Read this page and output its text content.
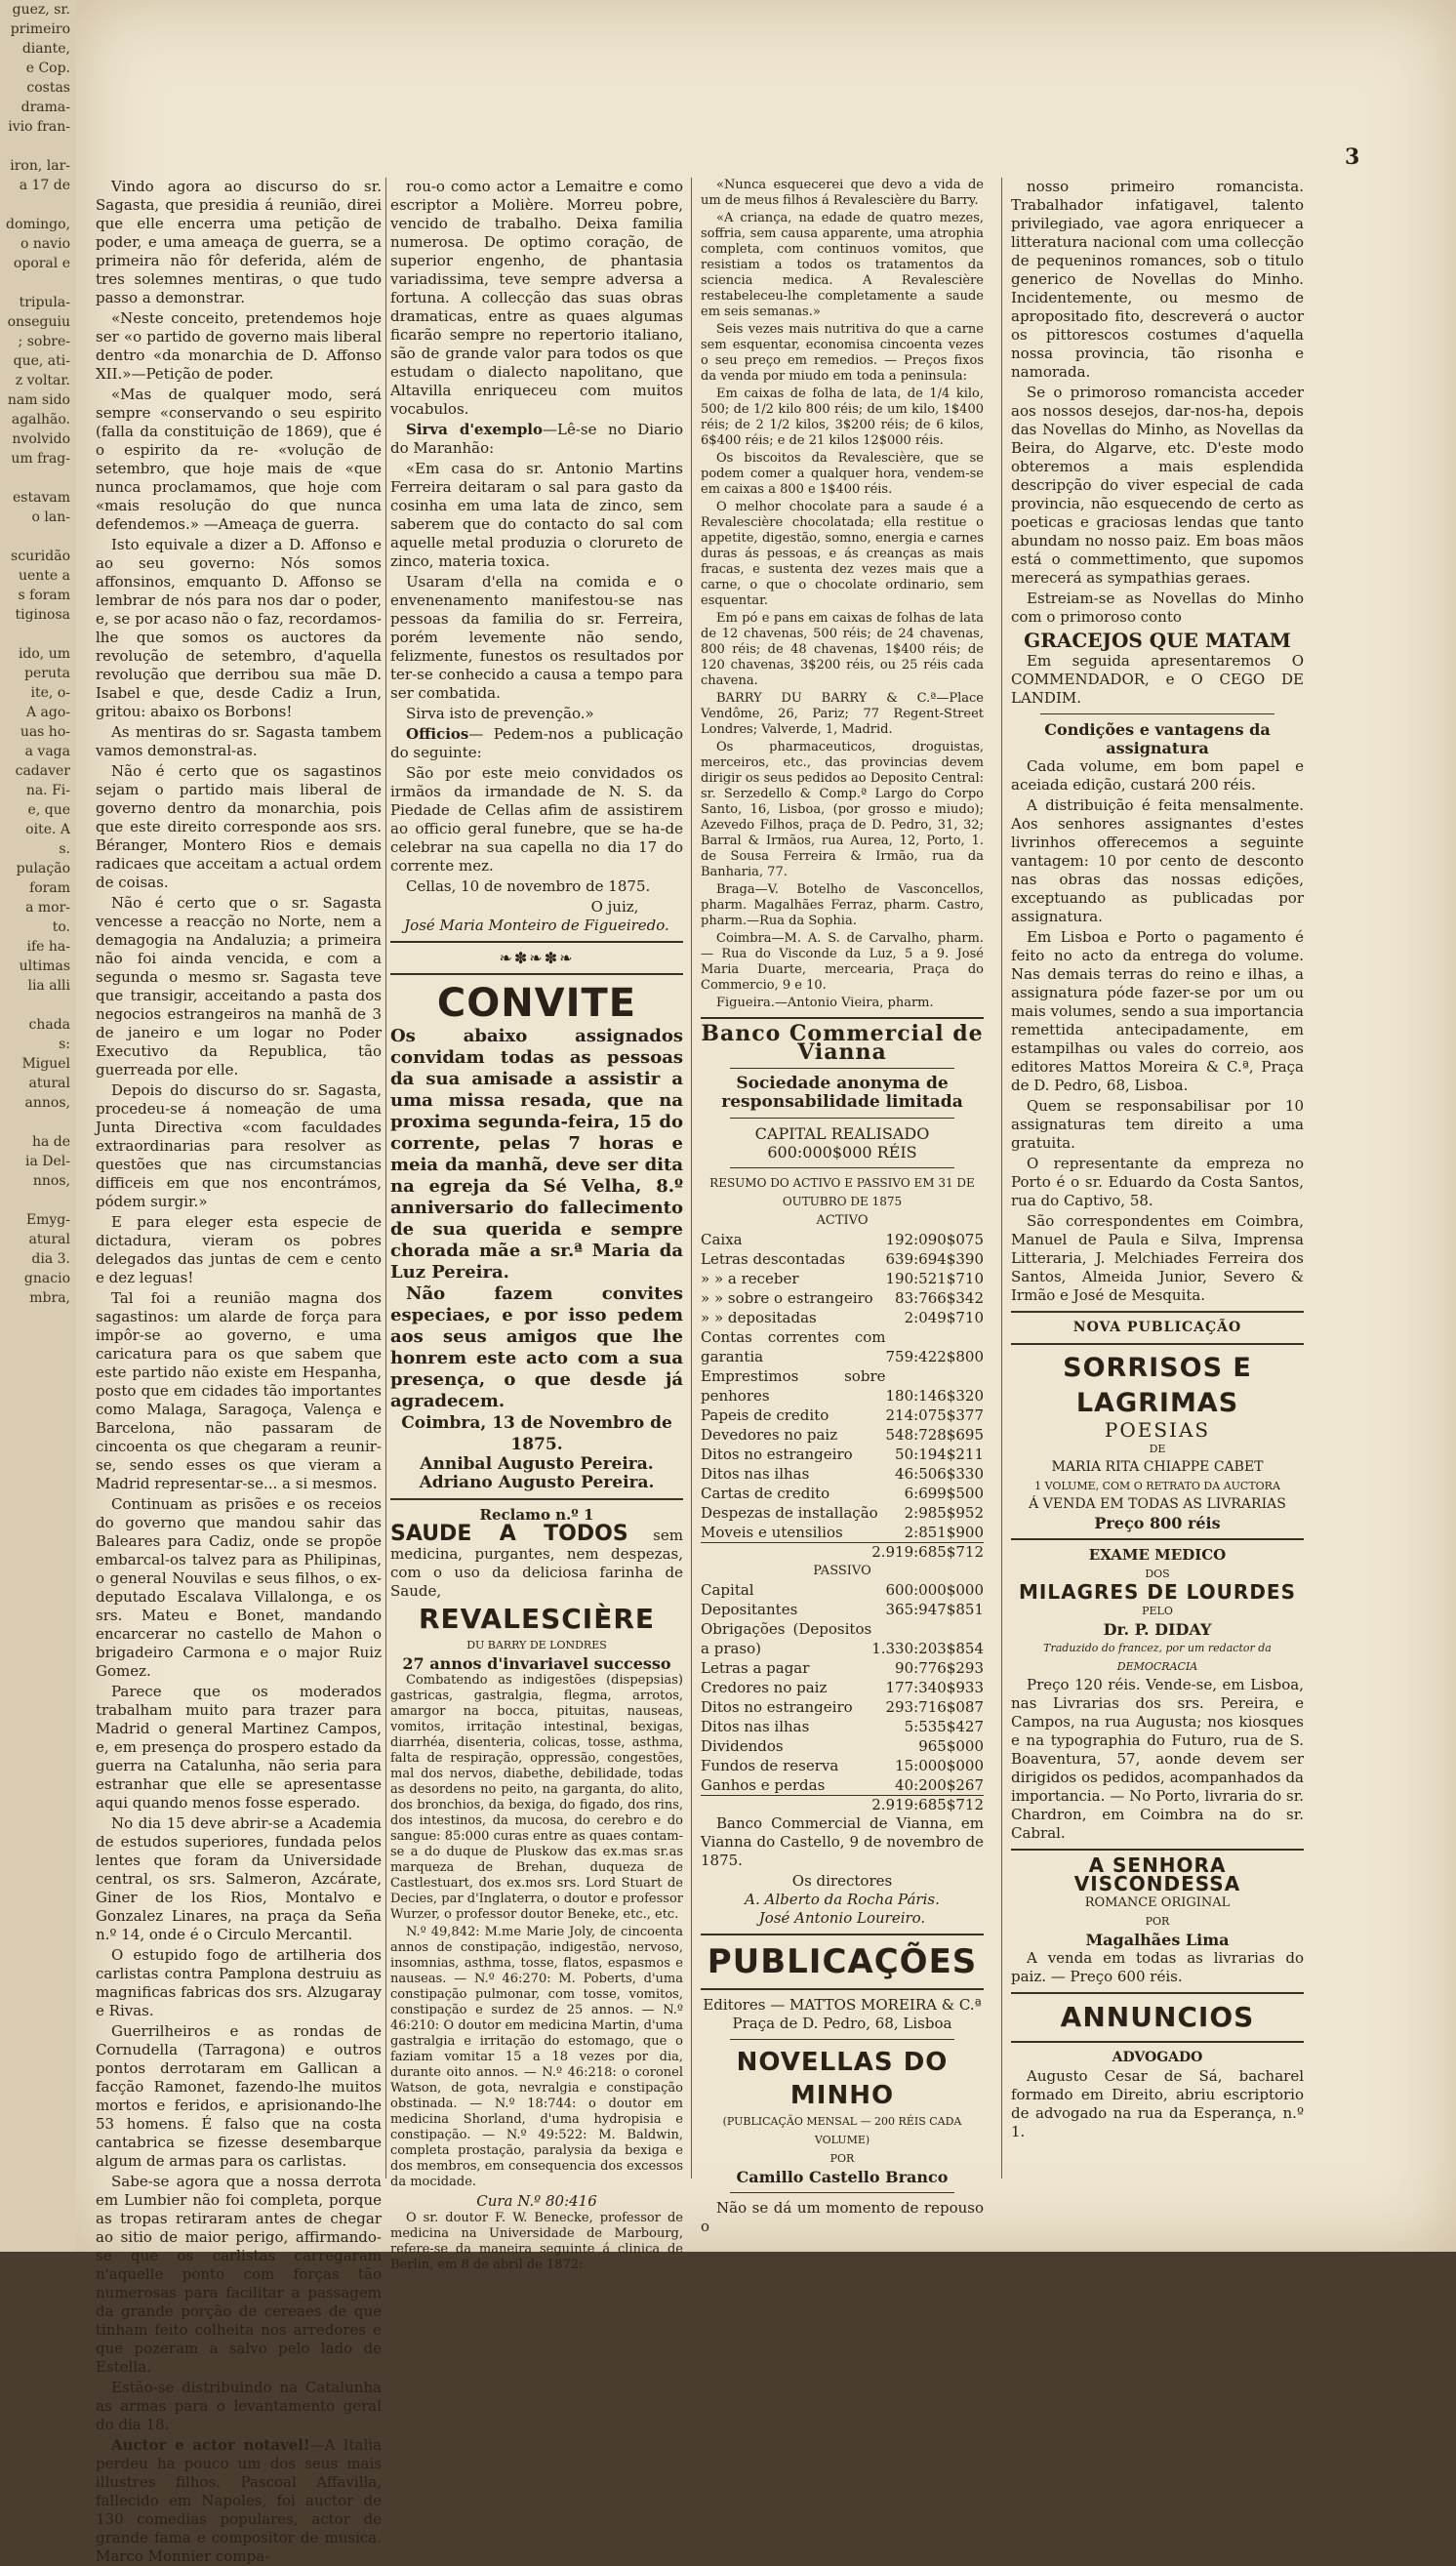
guez, sr.
primeiro
diante,
e Cop.
costas
drama-
ivio fran-

iron, lar-
a 17 de

domingo,
o navio
oporal e

tripula-
onseguiu
; sobre-
que, ati-
z voltar.
nam sido
agalhão.
nvolvido
um frag-

estavam
o lan-

scuridão
uente a
s foram
tiginosa

ido, um
peruta
ite, o-
A ago-
uas ho-
a vaga
cadaver
na. Fi-
e, que
oite. A
s.
pulação
foram
a mor-
to.
ife ha-
ultimas
lia alli

chada
s:
Miguel
atural
annos,

ha de
ia Del-
nnos,

Emyg-
atural
dia 3.
gnacio
mbra,
3

Vindo agora ao discurso do sr. Sagasta, que presidia á reunião, direi que elle encerra uma petição de poder, e uma ameaça de guerra, se a primeira não fôr deferida, além de tres solemnes mentiras, o que tudo passo a demonstrar.

«Neste conceito, pretendemos hoje ser «o partido de governo mais liberal dentro «da monarchia de D. Affonso XII.»—Petição de poder.

«Mas de qualquer modo, será sempre «conservando o seu espirito (falla da constituição de 1869), que é o espirito da re- «volução de setembro, que hoje mais de «que nunca proclamamos, que hoje com «mais resolução do que nunca defendemos.» —Ameaça de guerra.

Isto equivale a dizer a D. Affonso e ao seu governo: Nós somos affonsinos, emquanto D. Affonso se lembrar de nós para nos dar o poder, e, se por acaso não o faz, recordamos-lhe que somos os auctores da revolução de setembro, d'aquella revolução que derribou sua mãe D. Isabel e que, desde Cadiz a Irun, gritou: abaixo os Borbons!

As mentiras do sr. Sagasta tambem vamos demonstral-as.

Não é certo que os sagastinos sejam o partido mais liberal de governo dentro da monarchia, pois que este direito corresponde aos srs. Béranger, Montero Rios e demais radicaes que acceitam a actual ordem de coisas.

Não é certo que o sr. Sagasta vencesse a reacção no Norte, nem a demagogia na Andaluzia; a primeira não foi ainda vencida, e com a segunda o mesmo sr. Sagasta teve que transigir, acceitando a pasta dos negocios estrangeiros na manhã de 3 de janeiro e um logar no Poder Executivo da Republica, tão guerreada por elle.

Depois do discurso do sr. Sagasta, procedeu-se á nomeação de uma Junta Directiva «com faculdades extraordinarias para resolver as questões que nas circumstancias difficeis em que nos encontrámos, pódem surgir.»

E para eleger esta especie de dictadura, vieram os pobres delegados das juntas de cem e cento e dez leguas!

Tal foi a reunião magna dos sagastinos: um alarde de força para impôr-se ao governo, e uma caricatura para os que sabem que este partido não existe em Hespanha, posto que em cidades tão importantes como Malaga, Saragoça, Valença e Barcelona, não passaram de cincoenta os que chegaram a reunir-se, sendo esses os que vieram a Madrid representar-se... a si mesmos.

Continuam as prisões e os receios do governo que mandou sahir das Baleares para Cadiz, onde se propõe embarcal-os talvez para as Philipinas, o general Nouvilas e seus filhos, o ex-deputado Escalava Villalonga, e os srs. Mateu e Bonet, mandando encarcerar no castello de Mahon o brigadeiro Carmona e o major Ruiz Gomez.

Parece que os moderados trabalham muito para trazer para Madrid o general Martinez Campos, e, em presença do prospero estado da guerra na Catalunha, não seria para estranhar que elle se apresentasse aqui quando menos fosse esperado.

No dia 15 deve abrir-se a Academia de estudos superiores, fundada pelos lentes que foram da Universidade central, os srs. Salmeron, Azcárate, Giner de los Rios, Montalvo e Gonzalez Linares, na praça da Seña n.º 14, onde é o Circulo Mercantil.

O estupido fogo de artilheria dos carlistas contra Pamplona destruiu as magnificas fabricas dos srs. Alzugaray e Rivas.

Guerrilheiros e as rondas de Cornudella (Tarragona) e outros pontos derrotaram em Gallican a facção Ramonet, fazendo-lhe muitos mortos e feridos, e aprisionando-lhe 53 homens. É falso que na costa cantabrica se fizesse desembarque algum de armas para os carlistas.

Sabe-se agora que a nossa derrota em Lumbier não foi completa, porque as tropas retiraram antes de chegar ao sitio de maior perigo, affirmando-se que os carlistas carregaram n'aquelle ponto com forças tão numerosas para facilitar a passagem da grande porção de cereaes de que tinham feito colheita nos arredores e que pozeram a salvo pelo lado de Estella.

Estão-se distribuindo na Catalunha as armas para o levantamento geral do dia 18.

Auctor e actor notavel!—A Italia perdeu ha pouco um dos seus mais illustres filhos. Pascoal Affavilla, fallecido em Napoles, foi auctor de 130 comedias populares, actor de grande fama e compositor de musica. Marco Monnier compa-

rou-o como actor a Lemaitre e como escriptor a Molière. Morreu pobre, vencido de trabalho. Deixa familia numerosa. De optimo coração, de superior engenho, de phantasia variadissima, teve sempre adversa a fortuna. A collecção das suas obras dramaticas, entre as quaes algumas ficarão sempre no repertorio italiano, são de grande valor para todos os que estudam o dialecto napolitano, que Altavilla enriqueceu com muitos vocabulos.

Sirva d'exemplo—Lê-se no Diario do Maranhão:

«Em casa do sr. Antonio Martins Ferreira deitaram o sal para gasto da cosinha em uma lata de zinco, sem saberem que do contacto do sal com aquelle metal produzia o clorureto de zinco, materia toxica.

Usaram d'ella na comida e o envenenamento manifestou-se nas pessoas da familia do sr. Ferreira, porém levemente não sendo, felizmente, funestos os resultados por ter-se conhecido a causa a tempo para ser combatida.

Sirva isto de prevenção.»

Officios— Pedem-nos a publicação do seguinte:

São por este meio convidados os irmãos da irmandade de N. S. da Piedade de Cellas afim de assistirem ao officio geral funebre, que se ha-de celebrar na sua capella no dia 17 do corrente mez.

Cellas, 10 de novembro de 1875.

O juiz,
José Maria Monteiro de Figueiredo.
❧✽❧✽❧
CONVITE
Os abaixo assignados convidam todas as pessoas da sua amisade a assistir a uma missa resada, que na proxima segunda-feira, 15 do corrente, pelas 7 horas e meia da manhã, deve ser dita na egreja da Sé Velha, 8.º anniversario do fallecimento de sua querida e sempre chorada mãe a sr.ª Maria da Luz Pereira.
Não fazem convites especiaes, e por isso pedem aos seus amigos que lhe honrem este acto com a sua presença, o que desde já agradecem.
Coimbra, 13 de Novembro de 1875.
Annibal Augusto Pereira.
Adriano Augusto Pereira.
Reclamo n.º 1

SAUDE A TODOS sem medicina, purgantes, nem despezas, com o uso da deliciosa farinha de Saude,

REVALESCIÈRE
DU BARRY DE LONDRES
27 annos d'invariavel successo

Combatendo as indigestões (dispepsias) gastricas, gastralgia, flegma, arrotos, amargor na bocca, pituitas, nauseas, vomitos, irritação intestinal, bexigas, diarrhéa, disenteria, colicas, tosse, asthma, falta de respiração, oppressão, congestões, mal dos nervos, diabethe, debilidade, todas as desordens no peito, na garganta, do alito, dos bronchios, da bexiga, do figado, dos rins, dos intestinos, da mucosa, do cerebro e do sangue: 85:000 curas entre as quaes contam-se a do duque de Pluskow das ex.mas sr.as marqueza de Brehan, duqueza de Castlestuart, dos ex.mos srs. Lord Stuart de Decies, par d'Inglaterra, o doutor e professor Wurzer, o professor doutor Beneke, etc., etc.

N.º 49,842: M.me Marie Joly, de cincoenta annos de constipação, indigestão, nervoso, insomnias, asthma, tosse, flatos, espasmos e nauseas. — N.º 46:270: M. Poberts, d'uma constipação pulmonar, com tosse, vomitos, constipação e surdez de 25 annos. — N.º 46:210: O doutor em medicina Martin, d'uma gastralgia e irritação do estomago, que o faziam vomitar 15 a 18 vezes por dia, durante oito annos. — N.º 46:218: o coronel Watson, de gota, nevralgia e constipação obstinada. — N.º 18:744: o doutor em medicina Shorland, d'uma hydropisia e constipação. — N.º 49:522: M. Baldwin, completa prostação, paralysia da bexiga e dos membros, em consequencia dos excessos da mocidade.

Cura N.º 80:416

O sr. doutor F. W. Benecke, professor de medicina na Universidade de Marbourg, refere-se da maneira seguinte á clinica de Berlin, em 8 de abril de 1872:

«Nunca esquecerei que devo a vida de um de meus filhos á Revalescière du Barry.

«A criança, na edade de quatro mezes, soffria, sem causa apparente, uma atrophia completa, com continuos vomitos, que resistiam a todos os tratamentos da sciencia medica. A Revalescière restabeleceu-lhe completamente a saude em seis semanas.»

Seis vezes mais nutritiva do que a carne sem esquentar, economisa cincoenta vezes o seu preço em remedios. — Preços fixos da venda por miudo em toda a peninsula:

Em caixas de folha de lata, de 1/4 kilo, 500; de 1/2 kilo 800 réis; de um kilo, 1$400 réis; de 2 1/2 kilos, 3$200 réis; de 6 kilos, 6$400 réis; e de 21 kilos 12$000 réis.

Os biscoitos da Revalescière, que se podem comer a qualquer hora, vendem-se em caixas a 800 e 1$400 réis.

O melhor chocolate para a saude é a Revalescière chocolatada; ella restitue o appetite, digestão, somno, energia e carnes duras ás pessoas, e ás creanças as mais fracas, e sustenta dez vezes mais que a carne, o que o chocolate ordinario, sem esquentar.

Em pó e pans em caixas de folhas de lata de 12 chavenas, 500 réis; de 24 chavenas, 800 réis; de 48 chavenas, 1$400 réis; de 120 chavenas, 3$200 réis, ou 25 réis cada chavena.

BARRY DU BARRY & C.ª—Place Vendôme, 26, Pariz; 77 Regent-Street Londres; Valverde, 1, Madrid.

Os pharmaceuticos, droguistas, merceiros, etc., das provincias devem dirigir os seus pedidos ao Deposito Central: sr. Serzedello & Comp.ª Largo do Corpo Santo, 16, Lisboa, (por grosso e miudo); Azevedo Filhos, praça de D. Pedro, 31, 32; Barral & Irmãos, rua Aurea, 12, Porto, 1. de Sousa Ferreira & Irmão, rua da Banharia, 77.

Braga—V. Botelho de Vasconcellos, pharm. Magalhães Ferraz, pharm. Castro, pharm.—Rua da Sophia.

Coimbra—M. A. S. de Carvalho, pharm. — Rua do Visconde da Luz, 5 a 9. José Maria Duarte, mercearia, Praça do Commercio, 9 e 10.

Figueira.—Antonio Vieira, pharm.

Banco Commercial de Vianna
Sociedade anonyma de responsabilidade limitada
CAPITAL REALISADO 600:000$000 RÉIS
RESUMO DO ACTIVO E PASSIVO EM 31 DE OUTUBRO DE 1875
ACTIVO
Caixa	192:090$075
Letras descontadas	639:694$390
» » a receber	190:521$710
» » sobre o estrangeiro	83:766$342
» » depositadas	2:049$710
Contas correntes com garantia	759:422$800
Emprestimos sobre penhores	180:146$320
Papeis de credito	214:075$377
Devedores no paiz	548:728$695
Ditos no estrangeiro	50:194$211
Ditos nas ilhas	46:506$330
Cartas de credito	6:699$500
Despezas de installação	2:985$952
Moveis e utensilios	2:851$900
2.919:685$712
PASSIVO
Capital	600:000$000
Depositantes	365:947$851
Obrigações (Depositos a praso)	1.330:203$854
Letras a pagar	90:776$293
Credores no paiz	177:340$933
Ditos no estrangeiro	293:716$087
Ditos nas ilhas	5:535$427
Dividendos	965$000
Fundos de reserva	15:000$000
Ganhos e perdas	40:200$267
2.919:685$712

Banco Commercial de Vianna, em Vianna do Castello, 9 de novembro de 1875.

Os directores
A. Alberto da Rocha Páris.
José Antonio Loureiro.
PUBLICAÇÕES
Editores — MATTOS MOREIRA & C.ª
Praça de D. Pedro, 68, Lisboa
NOVELLAS DO MINHO
(PUBLICAÇÃO MENSAL — 200 RÉIS CADA VOLUME)
POR
Camillo Castello Branco

Não se dá um momento de repouso o

nosso primeiro romancista. Trabalhador infatigavel, talento privilegiado, vae agora enriquecer a litteratura nacional com uma collecção de pequeninos romances, sob o titulo generico de Novellas do Minho. Incidentemente, ou mesmo de apropositado fito, descreverá o auctor os pittorescos costumes d'aquella nossa provincia, tão risonha e namorada.

Se o primoroso romancista acceder aos nossos desejos, dar-nos-ha, depois das Novellas do Minho, as Novellas da Beira, do Algarve, etc. D'este modo obteremos a mais esplendida descripção do viver especial de cada provincia, não esquecendo de certo as poeticas e graciosas lendas que tanto abundam no nosso paiz. Em boas mãos está o commettimento, que supomos merecerá as sympathias geraes.

Estreiam-se as Novellas do Minho com o primoroso conto

GRACEJOS QUE MATAM

Em seguida apresentaremos O COMMENDADOR, e O CEGO DE LANDIM.

Condições e vantagens da assignatura

Cada volume, em bom papel e aceiada edição, custará 200 réis.

A distribuição é feita mensalmente. Aos senhores assignantes d'estes livrinhos offerecemos a seguinte vantagem: 10 por cento de desconto nas obras das nossas edições, exceptuando as publicadas por assignatura.

Em Lisboa e Porto o pagamento é feito no acto da entrega do volume. Nas demais terras do reino e ilhas, a assignatura póde fazer-se por um ou mais volumes, sendo a sua importancia remettida antecipadamente, em estampilhas ou vales do correio, aos editores Mattos Moreira & C.ª, Praça de D. Pedro, 68, Lisboa.

Quem se responsabilisar por 10 assignaturas tem direito a uma gratuita.

O representante da empreza no Porto é o sr. Eduardo da Costa Santos, rua do Captivo, 58.

São correspondentes em Coimbra, Manuel de Paula e Silva, Imprensa Litteraria, J. Melchiades Ferreira dos Santos, Almeida Junior, Severo & Irmão e José de Mesquita.

NOVA PUBLICAÇÃO
SORRISOS E LAGRIMAS
POESIAS
DE
MARIA RITA CHIAPPE CABET
1 VOLUME, COM O RETRATO DA AUCTORA
Á VENDA EM TODAS AS LIVRARIAS
Preço 800 réis
EXAME MEDICO
DOS
MILAGRES DE LOURDES
PELO
Dr. P. DIDAY
Traduzido do francez, por um redactor da DEMOCRACIA

Preço 120 réis. Vende-se, em Lisboa, nas Livrarias dos srs. Pereira, e Campos, na rua Augusta; nos kiosques e na typographia do Futuro, rua de S. Boaventura, 57, aonde devem ser dirigidos os pedidos, acompanhados da importancia. — No Porto, livraria do sr. Chardron, em Coimbra na do sr. Cabral.

A SENHORA VISCONDESSA
ROMANCE ORIGINAL
POR
Magalhães Lima

A venda em todas as livrarias do paiz. — Preço 600 réis.

ANNUNCIOS
ADVOGADO

Augusto Cesar de Sá, bacharel formado em Direito, abriu escriptorio de advogado na rua da Esperança, n.º 1.
